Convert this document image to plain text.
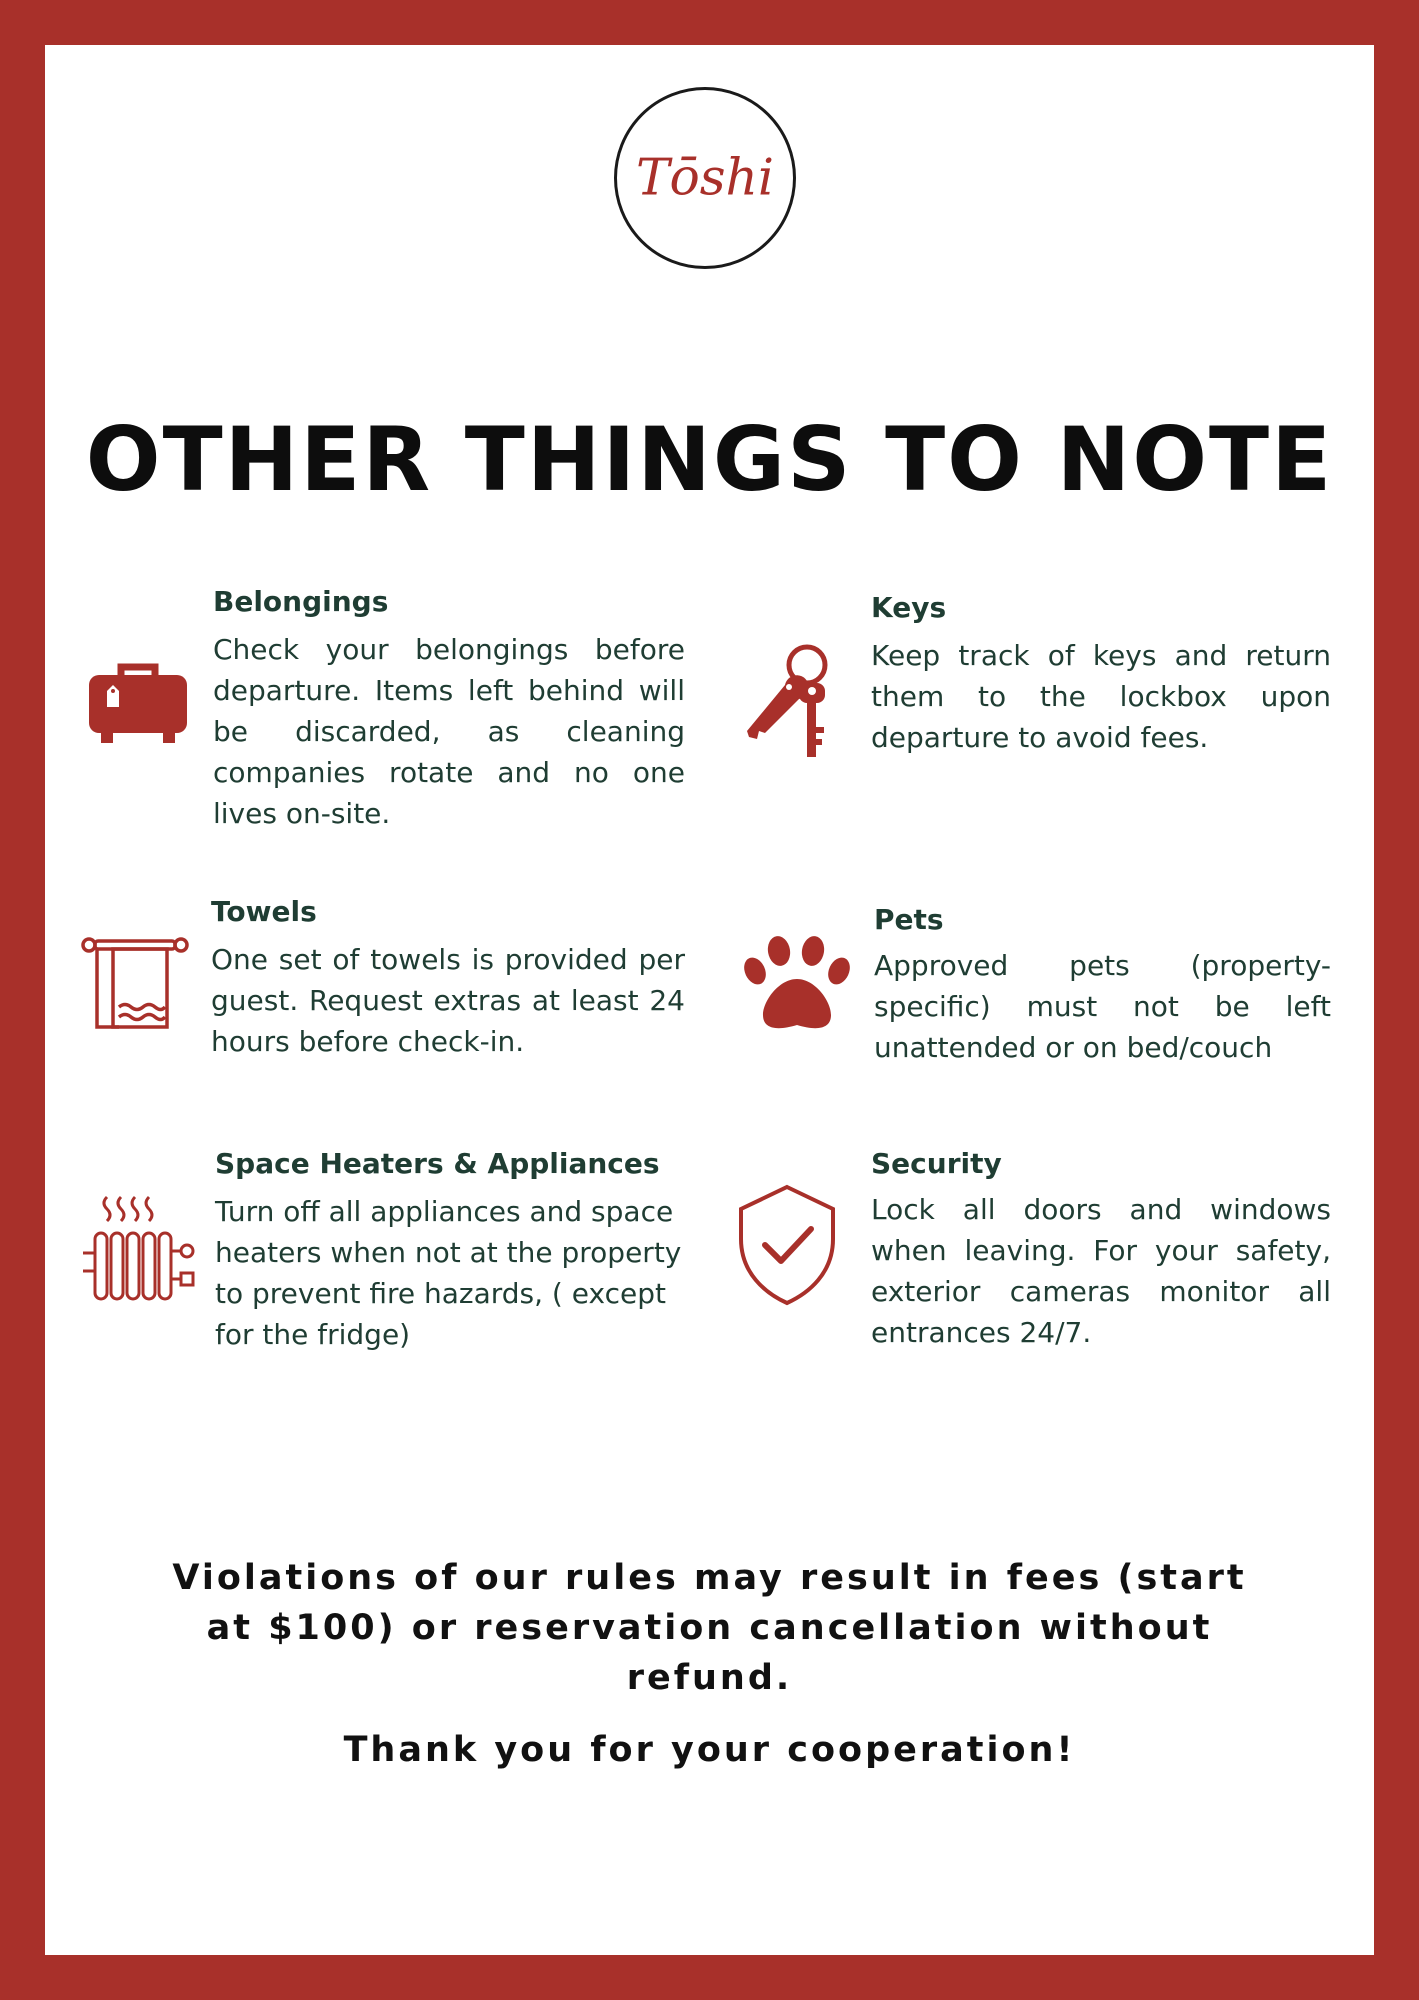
Tōshi
OTHER THINGS TO NOTE
Belongings
Check your belongings before departure. Items left behind will be discarded, as cleaning companies rotate and no one lives on-site.
Keys
Keep track of keys and return them to the lockbox upon departure to avoid fees.
Towels
One set of towels is provided per guest. Request extras at least 24 hours before check-in.
Pets
Approved pets (property-specific) must not be left unattended or on bed/couch
Space Heaters & Appliances
Turn off all appliances and space heaters when not at the property to prevent fire hazards, ( except for the fridge)
Security
Lock all doors and windows when leaving. For your safety, exterior cameras monitor all entrances 24/7.
Violations of our rules may result in fees (start at $100) or reservation cancellation without refund.
Thank you for your cooperation!
